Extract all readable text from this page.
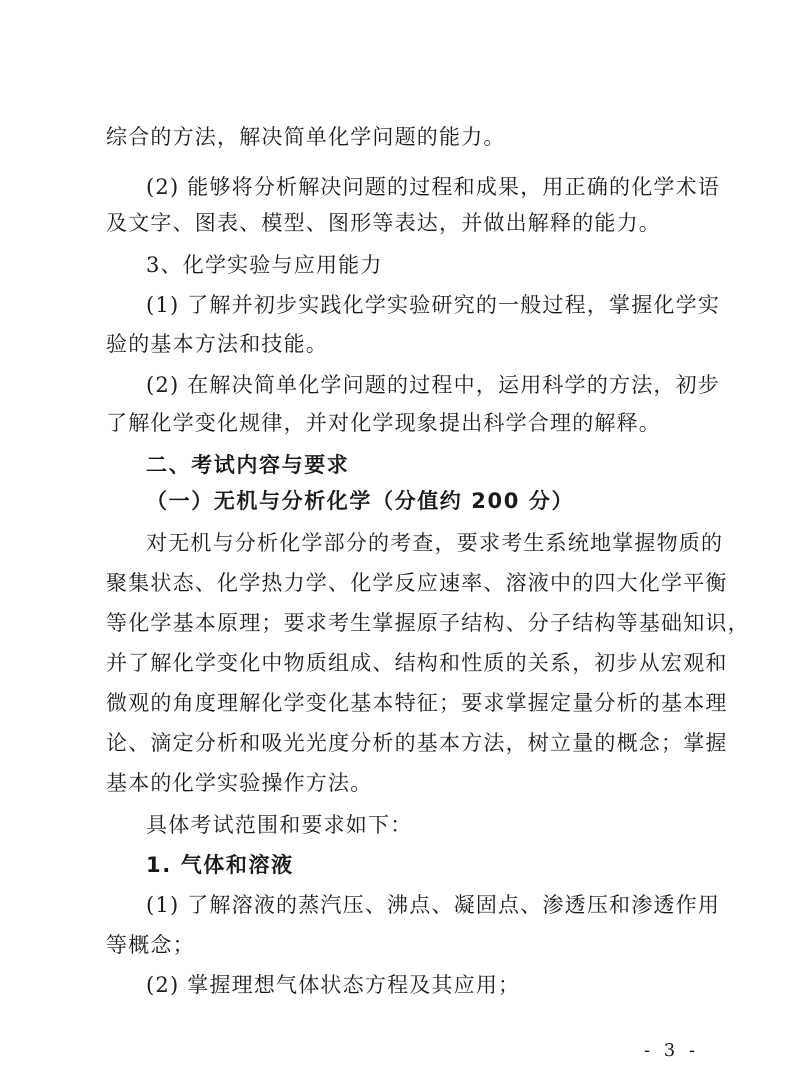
综合的方法，解决简单化学问题的能力。
(2) 能够将分析解决问题的过程和成果，用正确的化学术语
及文字、图表、模型、图形等表达，并做出解释的能力。
3、化学实验与应用能力
(1) 了解并初步实践化学实验研究的一般过程，掌握化学实
验的基本方法和技能。
(2) 在解决简单化学问题的过程中，运用科学的方法，初步
了解化学变化规律，并对化学现象提出科学合理的解释。
二、考试内容与要求
（一）无机与分析化学（分值约 200 分）
对无机与分析化学部分的考查，要求考生系统地掌握物质的
聚集状态、化学热力学、化学反应速率、溶液中的四大化学平衡
等化学基本原理；要求考生掌握原子结构、分子结构等基础知识，
并了解化学变化中物质组成、结构和性质的关系，初步从宏观和
微观的角度理解化学变化基本特征；要求掌握定量分析的基本理
论、滴定分析和吸光光度分析的基本方法，树立量的概念；掌握
基本的化学实验操作方法。
具体考试范围和要求如下：
1. 气体和溶液
(1) 了解溶液的蒸汽压、沸点、凝固点、渗透压和渗透作用
等概念；
(2) 掌握理想气体状态方程及其应用；
- 3 -
